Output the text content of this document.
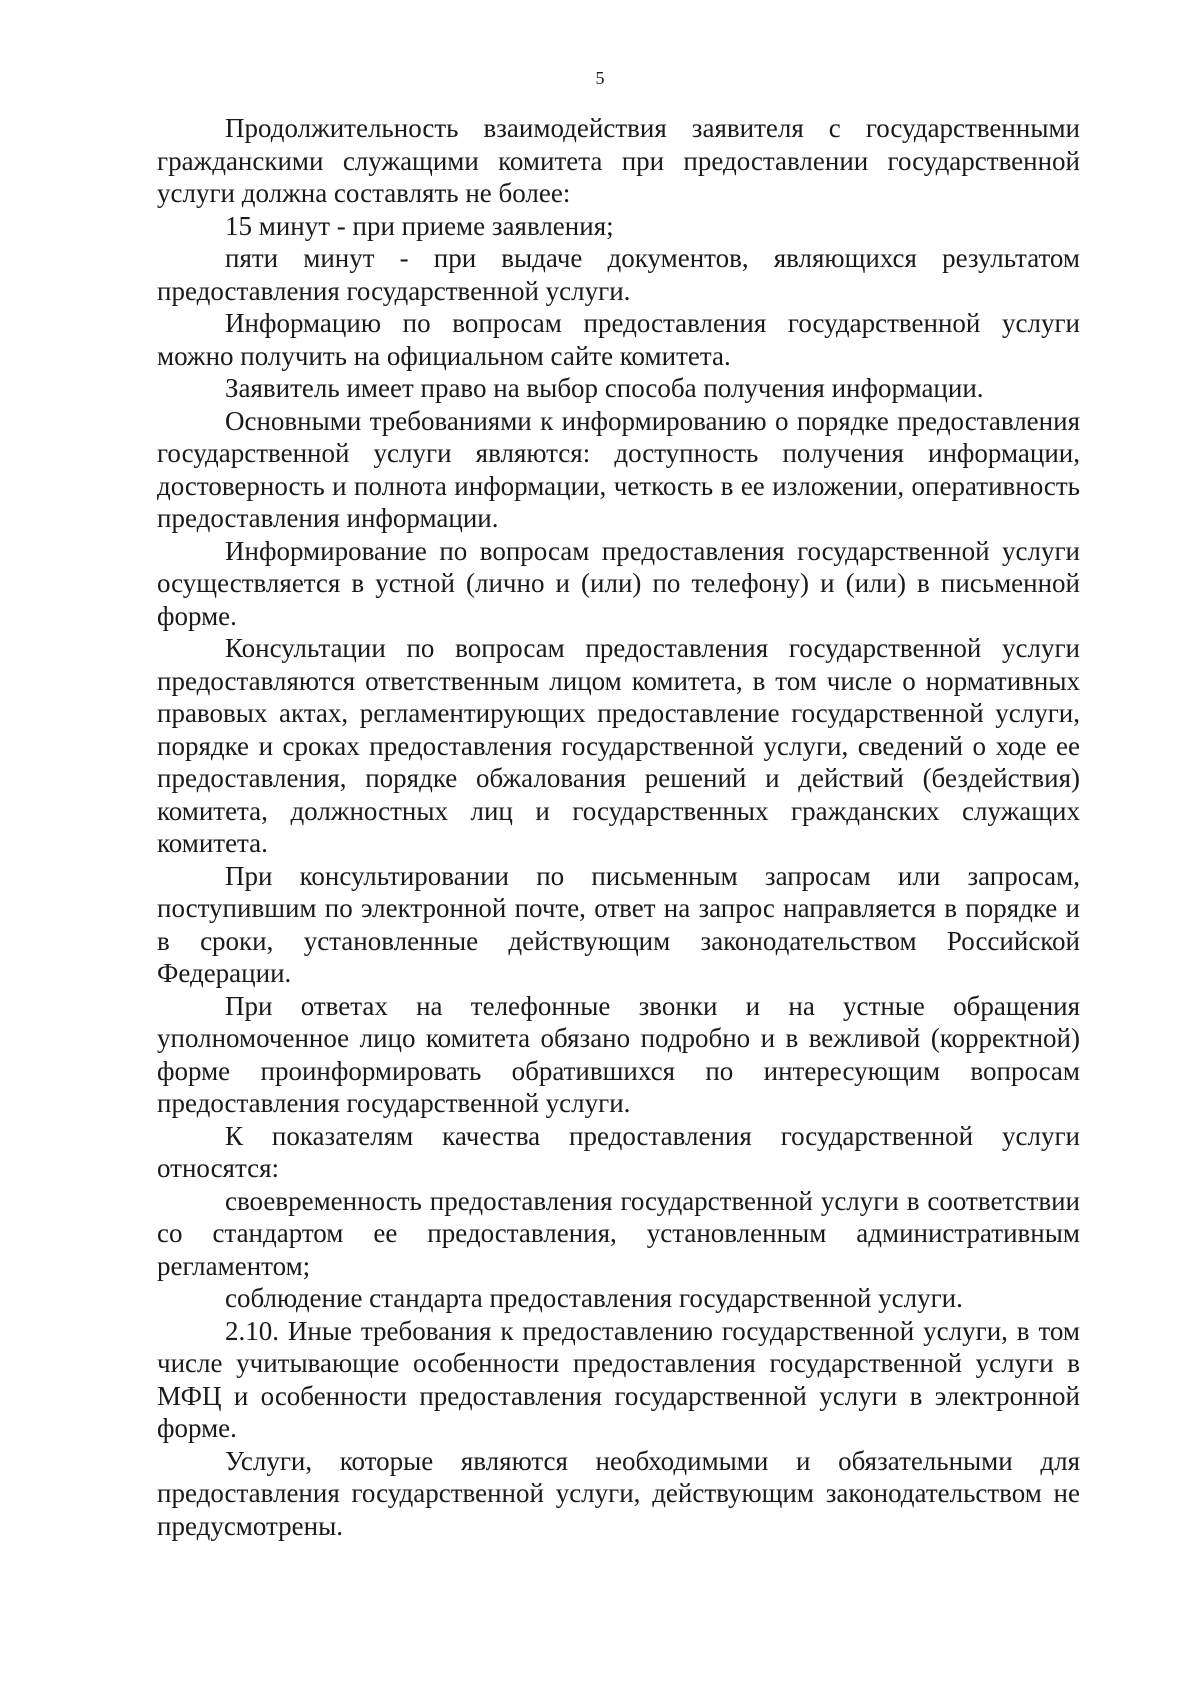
5

Продолжительность взаимодействия заявителя с государственными гражданскими служащими комитета при предоставлении государственной услуги должна составлять не более:

15 минут - при приеме заявления;

пяти минут - при выдаче документов, являющихся результатом предоставления государственной услуги.

Информацию по вопросам предоставления государственной услуги можно получить на официальном сайте комитета.

Заявитель имеет право на выбор способа получения информации.

Основными требованиями к информированию о порядке предоставления государственной услуги являются: доступность получения информации, достоверность и полнота информации, четкость в ее изложении, оперативность предоставления информации.

Информирование по вопросам предоставления государственной услуги осуществляется в устной (лично и (или) по телефону) и (или) в письменной форме.

Консультации по вопросам предоставления государственной услуги предоставляются ответственным лицом комитета, в том числе о нормативных правовых актах, регламентирующих предоставление государственной услуги, порядке и сроках предоставления государственной услуги, сведений о ходе ее предоставления, порядке обжалования решений и действий (бездействия) комитета, должностных лиц и государственных гражданских служащих комитета.

При консультировании по письменным запросам или запросам, поступившим по электронной почте, ответ на запрос направляется в порядке и в сроки, установленные действующим законодательством Российской Федерации.

При ответах на телефонные звонки и на устные обращения уполномоченное лицо комитета обязано подробно и в вежливой (корректной) форме проинформировать обратившихся по интересующим вопросам предоставления государственной услуги.

К показателям качества предоставления государственной услуги относятся:

своевременность предоставления государственной услуги в соответствии со стандартом ее предоставления, установленным административным регламентом;

соблюдение стандарта предоставления государственной услуги.

2.10. Иные требования к предоставлению государственной услуги, в том числе учитывающие особенности предоставления государственной услуги в МФЦ и особенности предоставления государственной услуги в электронной форме.

Услуги, которые являются необходимыми и обязательными для предоставления государственной услуги, действующим законодательством не предусмотрены.
